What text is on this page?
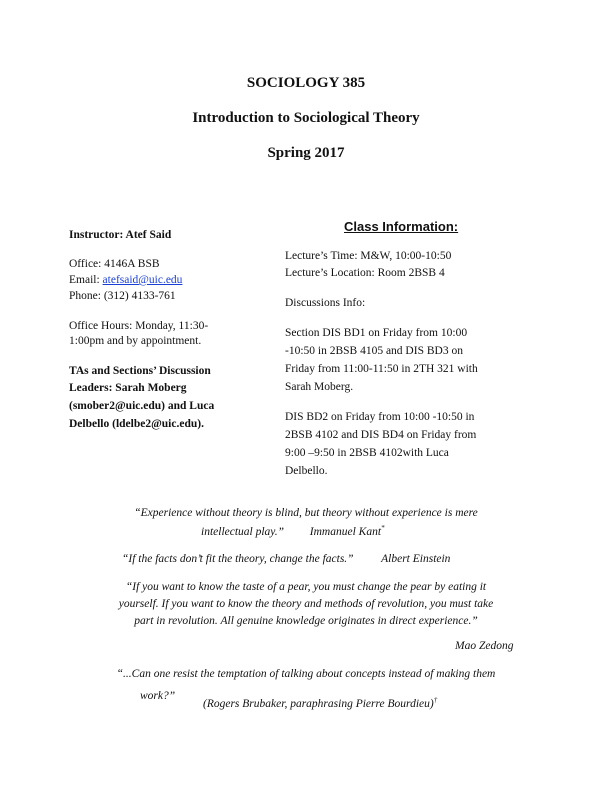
SOCIOLOGY 385
Introduction to Sociological Theory
Spring 2017
Instructor: Atef Said
Office: 4146A BSB
Email: atefsaid@uic.edu
Phone: (312) 4133-761
Office Hours: Monday, 11:30-
1:00pm and by appointment.
TAs and Sections’ Discussion
Leaders: Sarah Moberg
(smober2@uic.edu) and Luca
Delbello (ldelbe2@uic.edu).
Class Information:
Lecture’s Time: M&W, 10:00-10:50
Lecture’s Location: Room 2BSB 4
Discussions Info:
Section DIS BD1 on Friday from 10:00
-10:50 in 2BSB 4105 and DIS BD3 on
Friday from 11:00-11:50 in 2TH 321 with
Sarah Moberg.
DIS BD2 on Friday from 10:00 -10:50 in
2BSB 4102 and DIS BD4 on Friday from
9:00 –9:50 in 2BSB 4102with Luca
Delbello.
“Experience without theory is blind, but theory without experience is mere
intellectual play.” Immanuel Kant*
“If the facts don’t fit the theory, change the facts.” Albert Einstein
“If you want to know the taste of a pear, you must change the pear by eating it
yourself. If you want to know the theory and methods of revolution, you must take
part in revolution. All genuine knowledge originates in direct experience.”
Mao Zedong
“...Can one resist the temptation of talking about concepts instead of making them
work?”
(Rogers Brubaker, paraphrasing Pierre Bourdieu)†
